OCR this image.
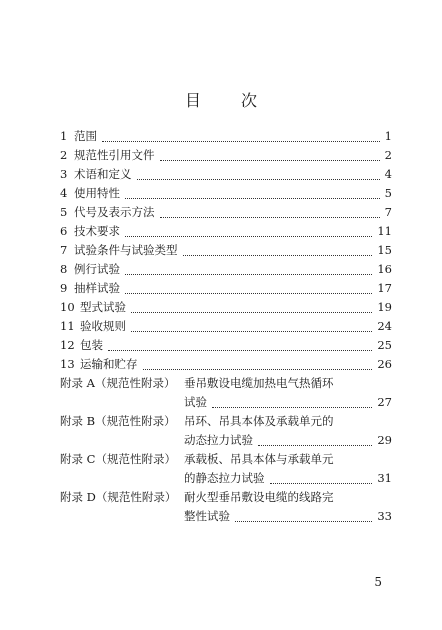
目	次
1 范围	1
2 规范性引用文件	2
3 术语和定义	4
4 使用特性	5
5 代号及表示方法	7
6 技术要求	11
7 试验条件与试验类型	15
8 例行试验	16
9 抽样试验	17
10 型式试验	19
11 验收规则	24
12 包装	25
13 运输和贮存	26
附录 A（规范性附录） 垂吊敷设电缆加热电气热循环
试验	27
附录 B（规范性附录） 吊环、吊具本体及承载单元的
动态拉力试验	29
附录 C（规范性附录） 承载板、吊具本体与承载单元
的静态拉力试验	31
附录 D（规范性附录） 耐火型垂吊敷设电缆的线路完
整性试验	33
5
